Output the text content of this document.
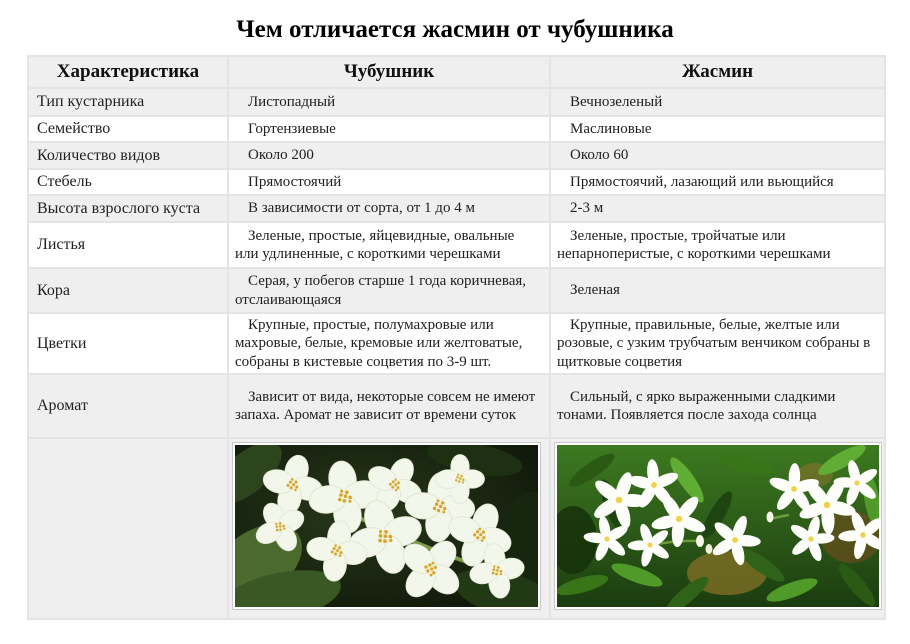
Чем отличается жасмин от чубушника
Характеристика	Чубушник	Жасмин
Тип кустарника	Листопадный	Вечнозеленый
Семейство	Гортензиевые	Маслиновые
Количество видов	Около 200	Около 60
Стебель	Прямостоячий	Прямостоячий, лазающий или вьющийся
Высота взрослого куста	В зависимости от сорта, от 1 до 4 м	2-3 м
Листья	Зеленые, простые, яйцевидные, овальные или удлиненные, с короткими черешками	Зеленые, простые, тройчатые или непарноперистые, с короткими черешками
Кора	Серая, у побегов старше 1 года коричневая, отслаивающаяся	Зеленая
Цветки	Крупные, простые, полумахровые или махровые, белые, кремовые или желтоватые, собраны в кистевые соцветия по 3-9 шт.	Крупные, правильные, белые, желтые или розовые, с узким трубчатым венчиком собраны в щитковые соцветия
Аромат	Зависит от вида, некоторые совсем не имеют запаха. Аромат не зависит от времени суток	Сильный, с ярко выраженными сладкими тонами. Появляется после захода солнца
